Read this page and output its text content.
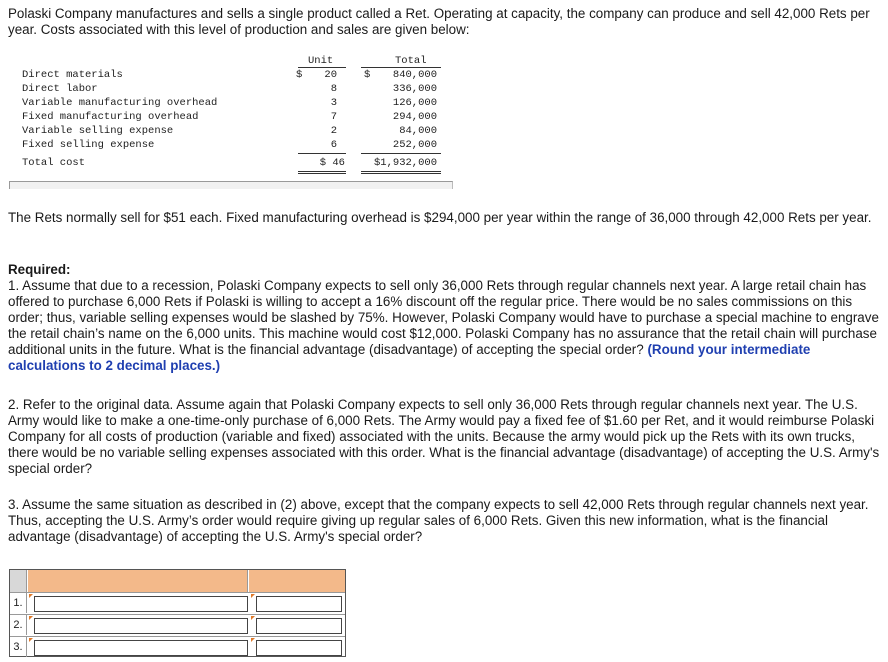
Polaski Company manufactures and sells a single product called a Ret. Operating at capacity, the company can produce and sell 42,000 Rets per year. Costs associated with this level of production and sales are given below:
Unit	Total
Direct materials	$	20	$	840,000
Direct labor	8	336,000
Variable manufacturing overhead	3	126,000
Fixed manufacturing overhead	7	294,000
Variable selling expense	2	84,000
Fixed selling expense	6	252,000
Total cost	$ 46	$1,932,000
The Rets normally sell for $51 each. Fixed manufacturing overhead is $294,000 per year within the range of 36,000 through 42,000 Rets per year.
Required:
1. Assume that due to a recession, Polaski Company expects to sell only 36,000 Rets through regular channels next year. A large retail chain has offered to purchase 6,000 Rets if Polaski is willing to accept a 16% discount off the regular price. There would be no sales commissions on this order; thus, variable selling expenses would be slashed by 75%. However, Polaski Company would have to purchase a special machine to engrave the retail chain’s name on the 6,000 units. This machine would cost $12,000. Polaski Company has no assurance that the retail chain will purchase additional units in the future. What is the financial advantage (disadvantage) of accepting the special order? (Round your intermediate calculations to 2 decimal places.)
2. Refer to the original data. Assume again that Polaski Company expects to sell only 36,000 Rets through regular channels next year. The U.S. Army would like to make a one-time-only purchase of 6,000 Rets. The Army would pay a fixed fee of $1.60 per Ret, and it would reimburse Polaski Company for all costs of production (variable and fixed) associated with the units. Because the army would pick up the Rets with its own trucks, there would be no variable selling expenses associated with this order. What is the financial advantage (disadvantage) of accepting the U.S. Army's special order?
3. Assume the same situation as described in (2) above, except that the company expects to sell 42,000 Rets through regular channels next year. Thus, accepting the U.S. Army’s order would require giving up regular sales of 6,000 Rets. Given this new information, what is the financial advantage (disadvantage) of accepting the U.S. Army's special order?
1.
2.
3.
